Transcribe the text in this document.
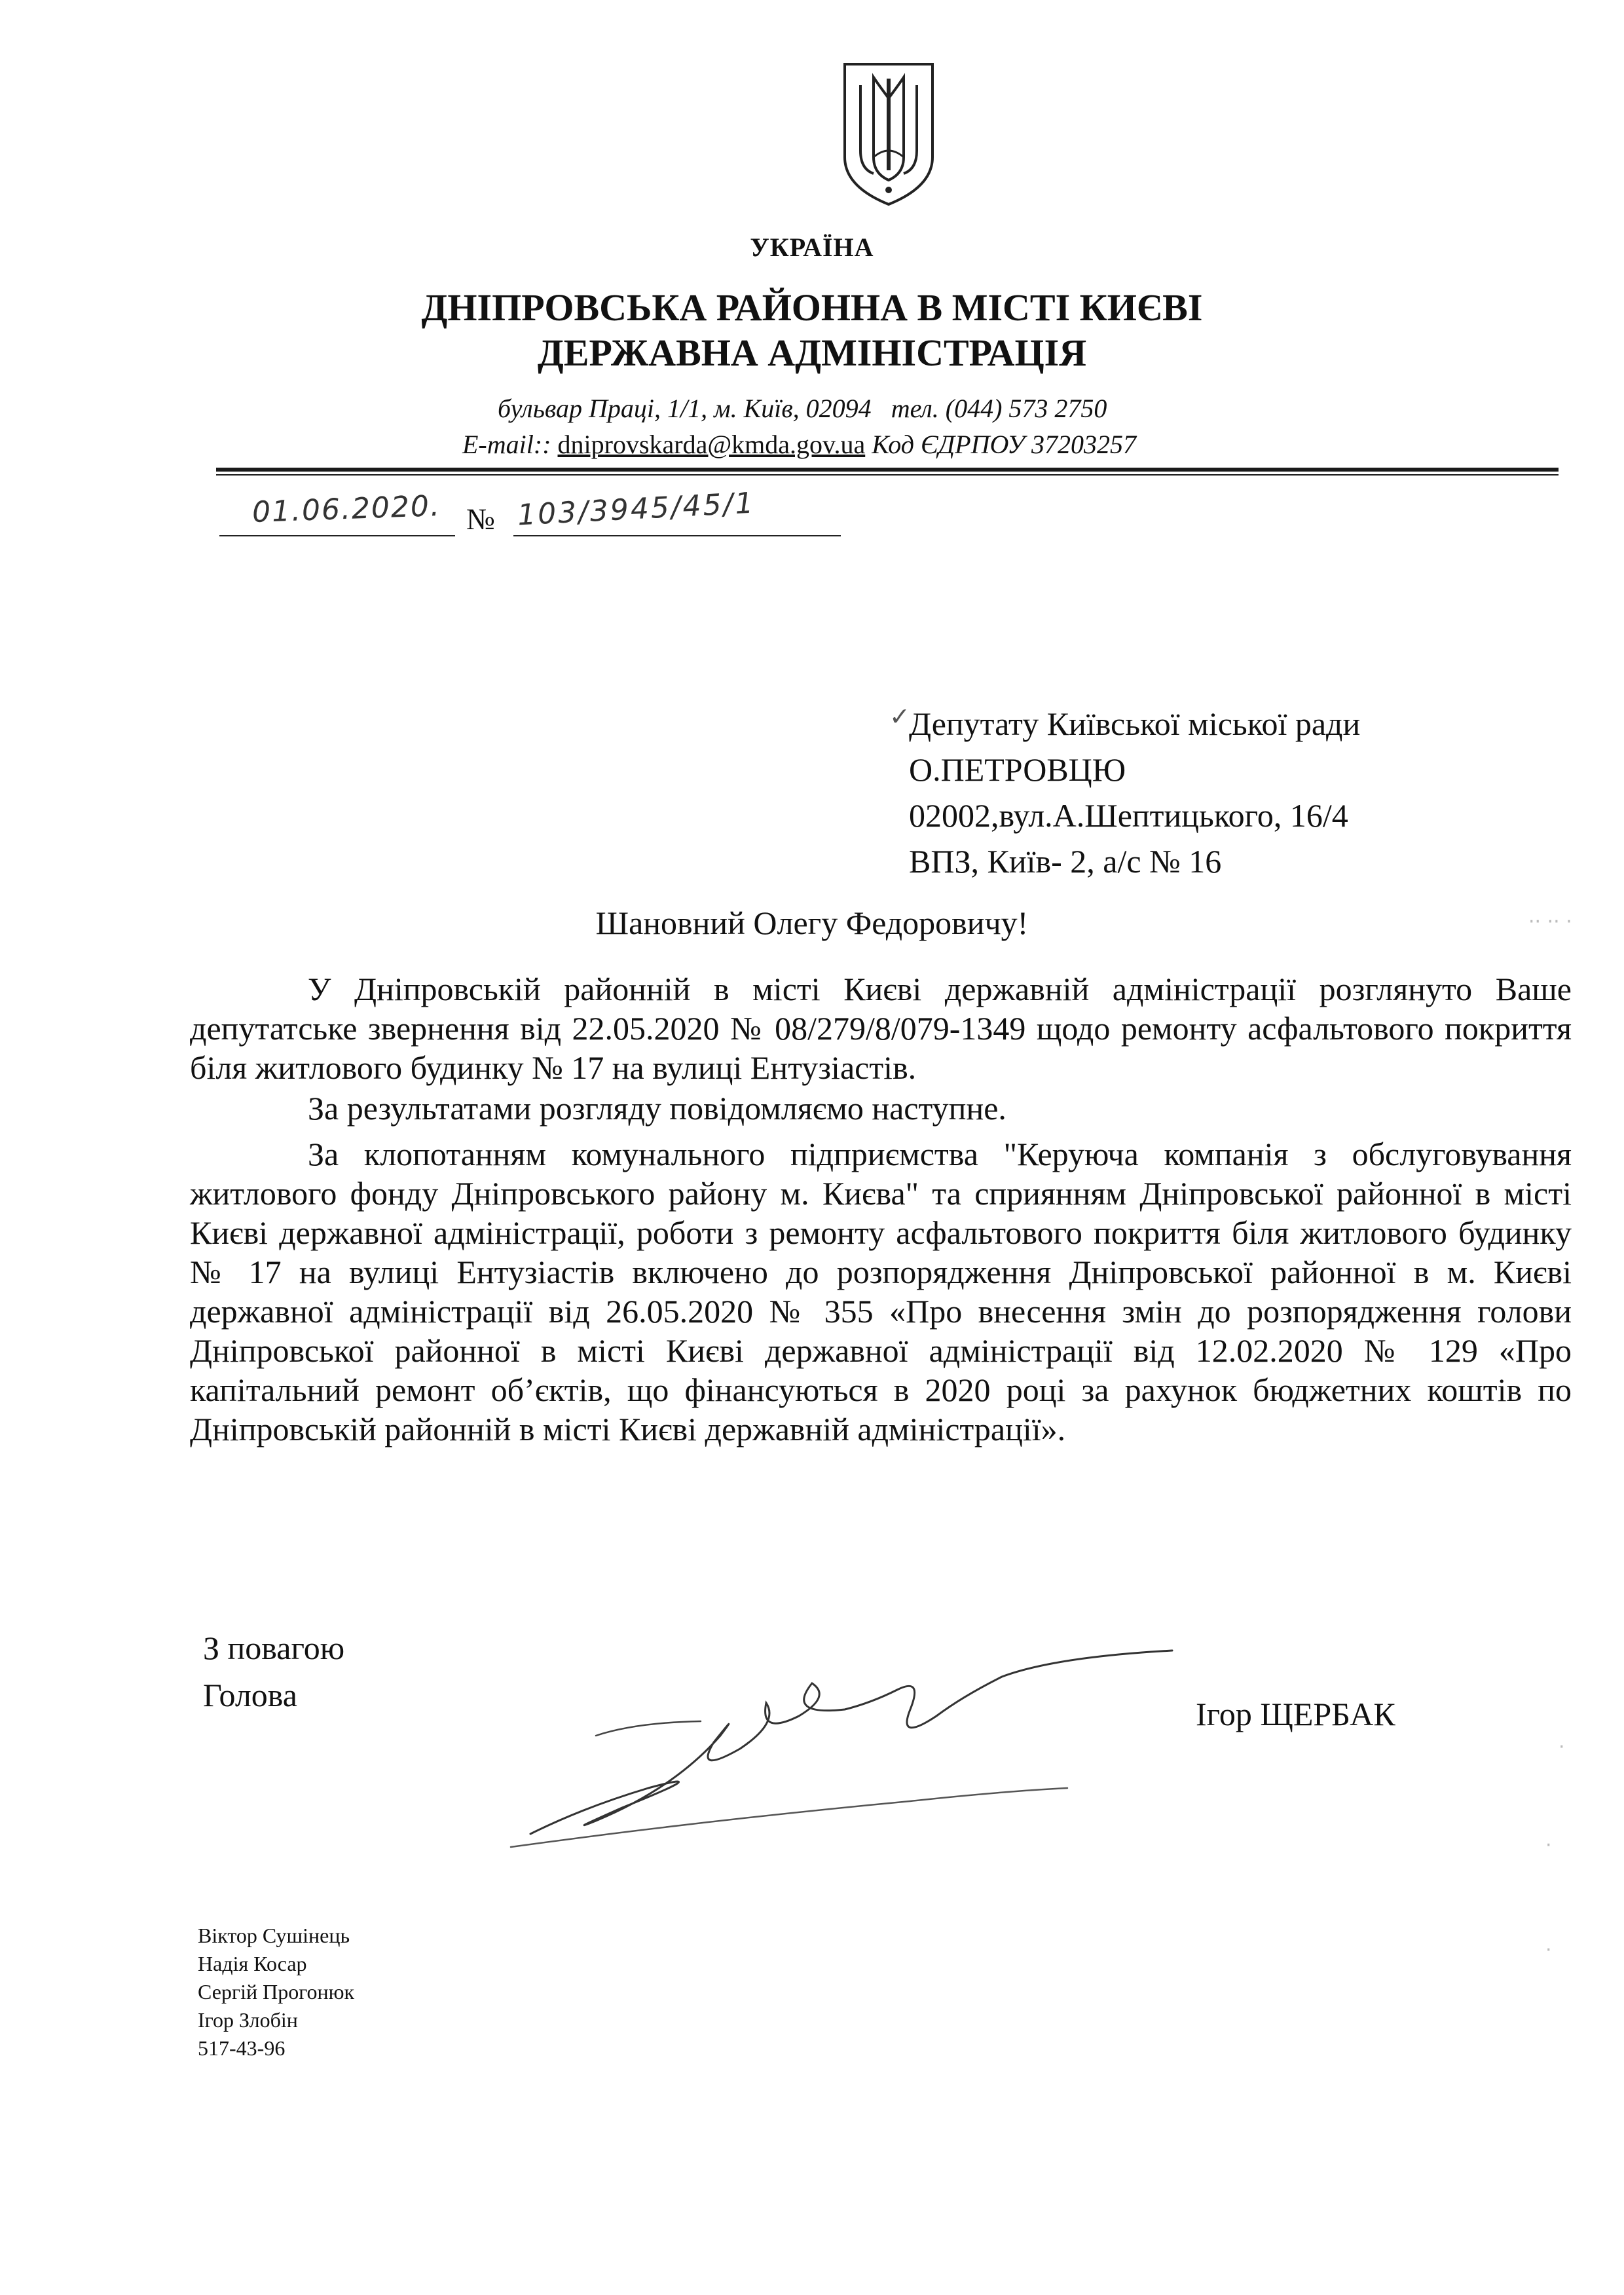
УКРАЇНА
ДНІПРОВСЬКА РАЙОННА В МІСТІ КИЄВІ
ДЕРЖАВНА АДМІНІСТРАЦІЯ
бульвар Праці, 1/1, м. Київ, 02094 тел. (044) 573 2750
E-mail:: dniprovskarda@kmda.gov.ua Код ЄДРПОУ 37203257
01.06.2020. № 103/3945/45/1
✓
Депутату Київської міської ради
О.ПЕТРОВЦЮ
02002,вул.А.Шептицького, 16/4
ВПЗ, Київ- 2, а/с № 16
Шановний Олегу Федоровичу!

У Дніпровській районній в місті Києві державній адміністрації розглянуто Ваше депутатське звернення від 22.05.2020 № 08/279/8/079-1349 щодо ремонту асфальтового покриття біля житлового будинку № 17 на вулиці Ентузіастів.

За результатами розгляду повідомляємо наступне.

За клопотанням комунального підприємства "Керуюча компанія з обслуговування житлового фонду Дніпровського району м. Києва" та сприянням Дніпровської районної в місті Києві державної адміністрації, роботи з ремонту асфальтового покриття біля житлового будинку № 17 на вулиці Ентузіастів включено до розпорядження Дніпровської районної в м. Києві державної адміністрації від 26.05.2020 № 355 «Про внесення змін до розпорядження голови Дніпровської районної в місті Києві державної адміністрації від 12.02.2020 № 129 «Про капітальний ремонт об’єктів, що фінансуються в 2020 році за рахунок бюджетних коштів по Дніпровській районній в місті Києві державній адміністрації».

З повагою
Голова
Ігор ЩЕРБАК
Віктор Сушінець
Надія Косар
Сергій Прогонюк
Ігор Злобін
517-43-96
·· ·· ·
·
·
·
